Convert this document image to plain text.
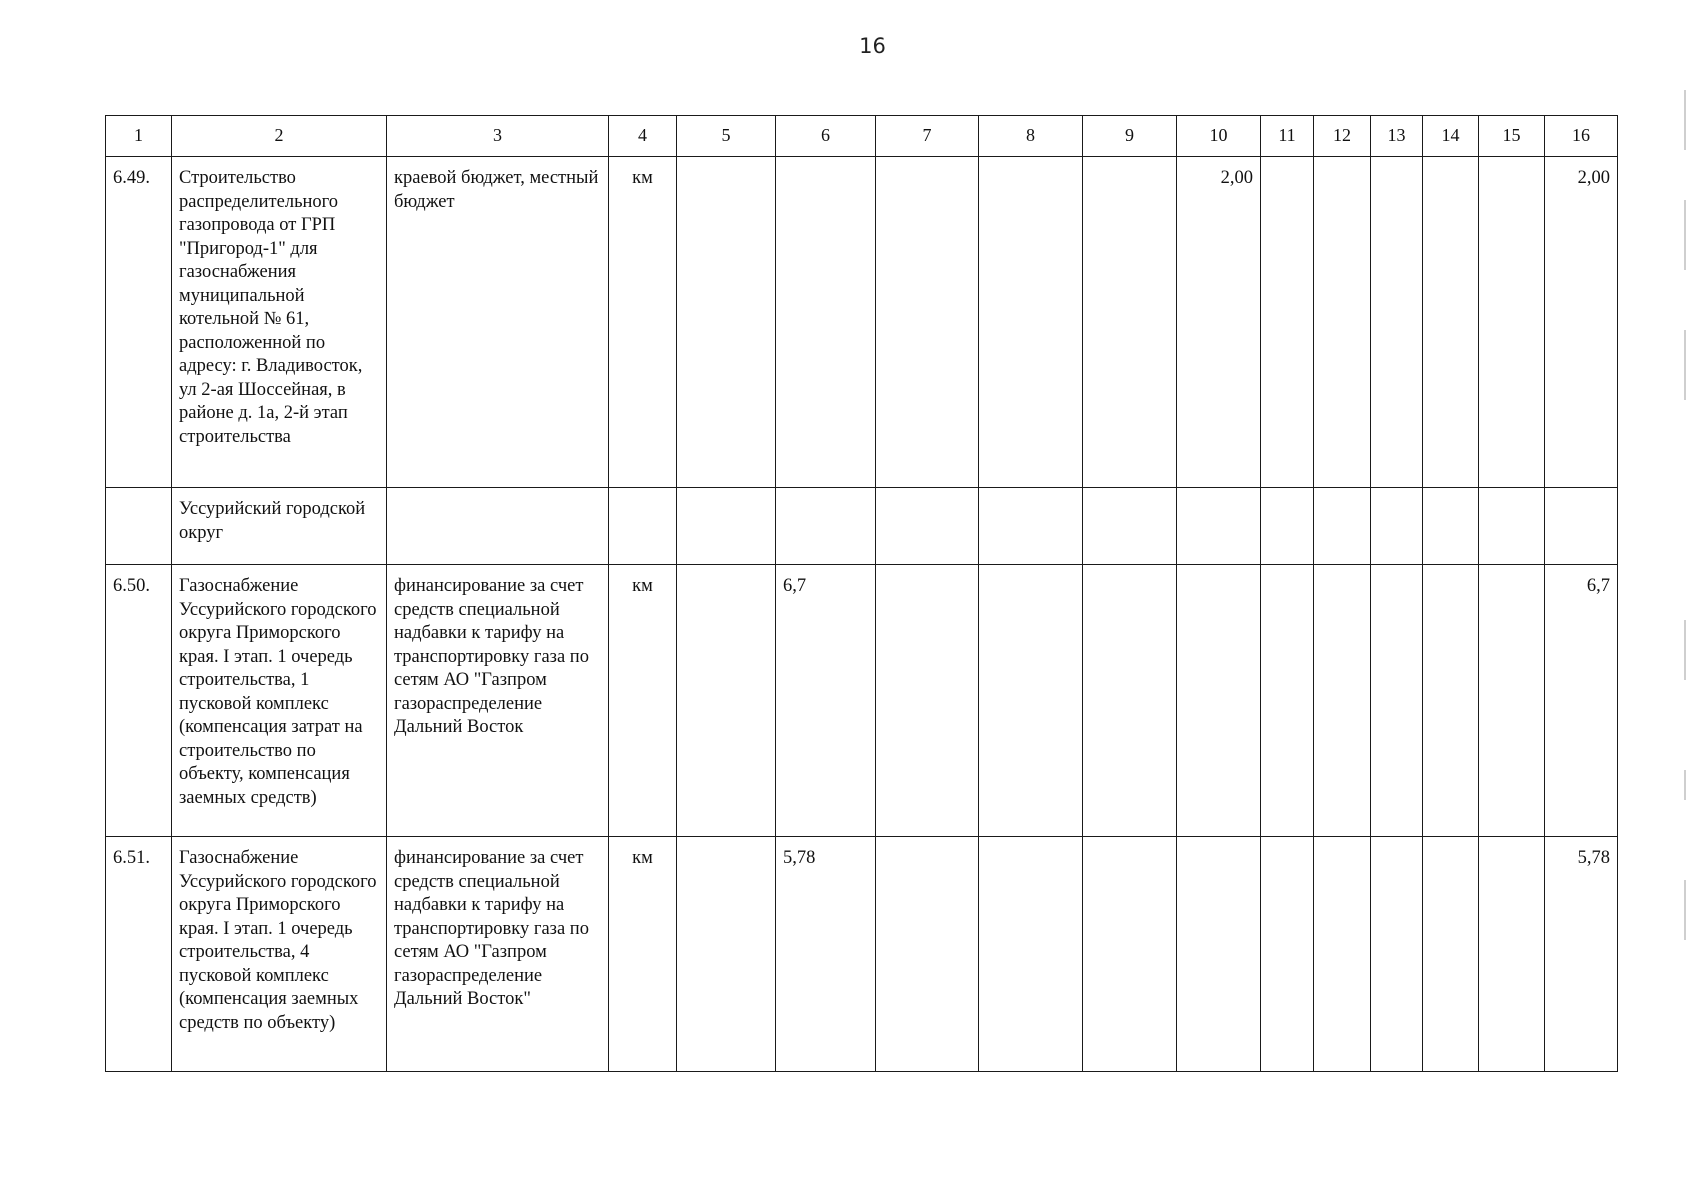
16
1	2	3	4	5	6	7	8	9	10	11	12	13	14	15	16
6.49.	Строительство распределительного газопровода от ГРП "Пригород-1" для газоснабжения муниципальной котельной № 61, расположенной по адресу: г. Владивосток, ул 2-ая Шоссейная, в районе д. 1а, 2-й этап строительства	краевой бюджет, местный бюджет	км						2,00						2,00
	Уссурийский городской округ														
6.50.	Газоснабжение Уссурийского городского округа Приморского края. I этап. 1 очередь строительства, 1 пусковой комплекс (компенсация затрат на строительство по объекту, компенсация заемных средств)	финансирование за счет средств специальной надбавки к тарифу на транспортировку газа по сетям АО "Газпром газораспределение Дальний Восток	км		6,7										6,7
6.51.	Газоснабжение Уссурийского городского округа Приморского края. I этап. 1 очередь строительства, 4 пусковой комплекс (компенсация заемных средств по объекту)	финансирование за счет средств специальной надбавки к тарифу на транспортировку газа по сетям АО "Газпром газораспределение Дальний Восток"	км		5,78										5,78
